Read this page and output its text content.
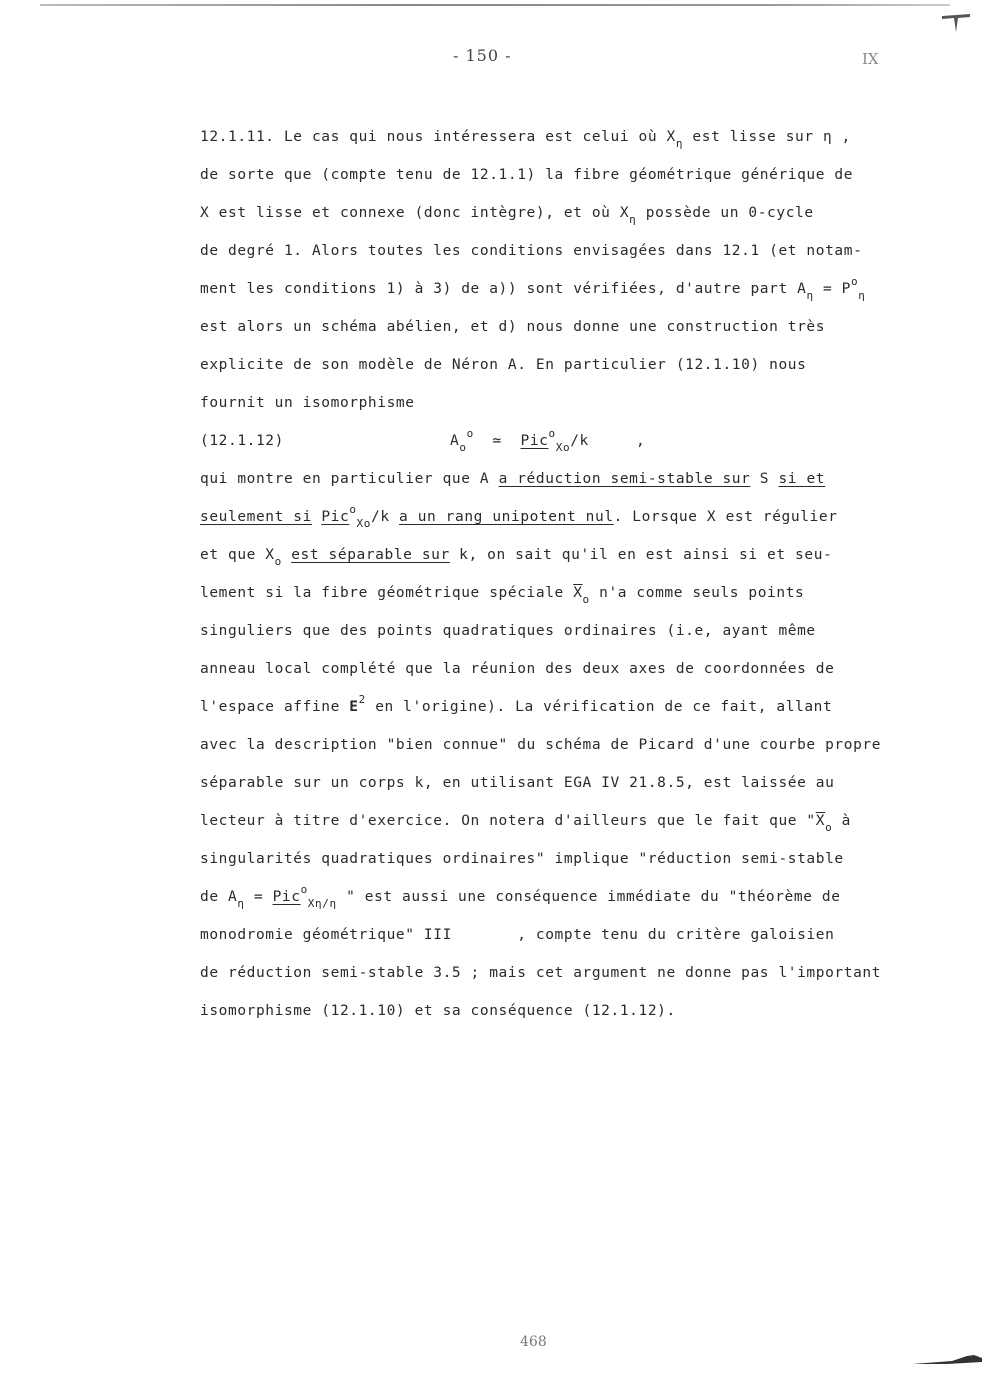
- 150 -	IX
12.1.11. Le cas qui nous intéressera est celui où $X_\eta$ est lisse sur η ,
de sorte que (compte tenu de 12.1.1) la fibre géométrique générique de
X est lisse et connexe (donc intègre), et où $X_\eta$ possède un 0-cycle
de degré 1. Alors toutes les conditions envisagées dans 12.1 (et notam-
ment les conditions 1) à 3) de a)) sont vérifiées, d'autre part $A_\eta = P^o_\eta$
est alors un schéma abélien, et d) nous donne une construction très
explicite de son modèle de Néron A. En particulier (12.1.10) nous
fournit un isomorphisme
(12.1.12)	$A_o^o$ ≃ Pic$^o_{Xo}$/k	,
qui montre en particulier que A a réduction semi-stable sur S si et
seulement si Pic$^o_{Xo}$/k a un rang unipotent nul. Lorsque X est régulier
et que $X_o$ est séparable sur k, on sait qu'il en est ainsi si et seu-
lement si la fibre géométrique spéciale $\overline{X}_o$ n'a comme seuls points
singuliers que des points quadratiques ordinaires (i.e, ayant même
anneau local complété que la réunion des deux axes de coordonnées de
l'espace affine $E^2$ en l'origine). La vérification de ce fait, allant
avec la description "bien connue" du schéma de Picard d'une courbe propre
séparable sur un corps k, en utilisant EGA IV 21.8.5, est laissée au
lecteur à titre d'exercice. On notera d'ailleurs que le fait que "$\overline{X}_o$ à
singularités quadratiques ordinaires" implique "réduction semi-stable
de $A_\eta = Pic^o_{X\eta/\eta}$ " est aussi une conséquence immédiate du "théorème de
monodromie géométrique" III	, compte tenu du critère galoisien
de réduction semi-stable 3.5 ; mais cet argument ne donne pas l'important
isomorphisme (12.1.10) et sa conséquence (12.1.12).
468
